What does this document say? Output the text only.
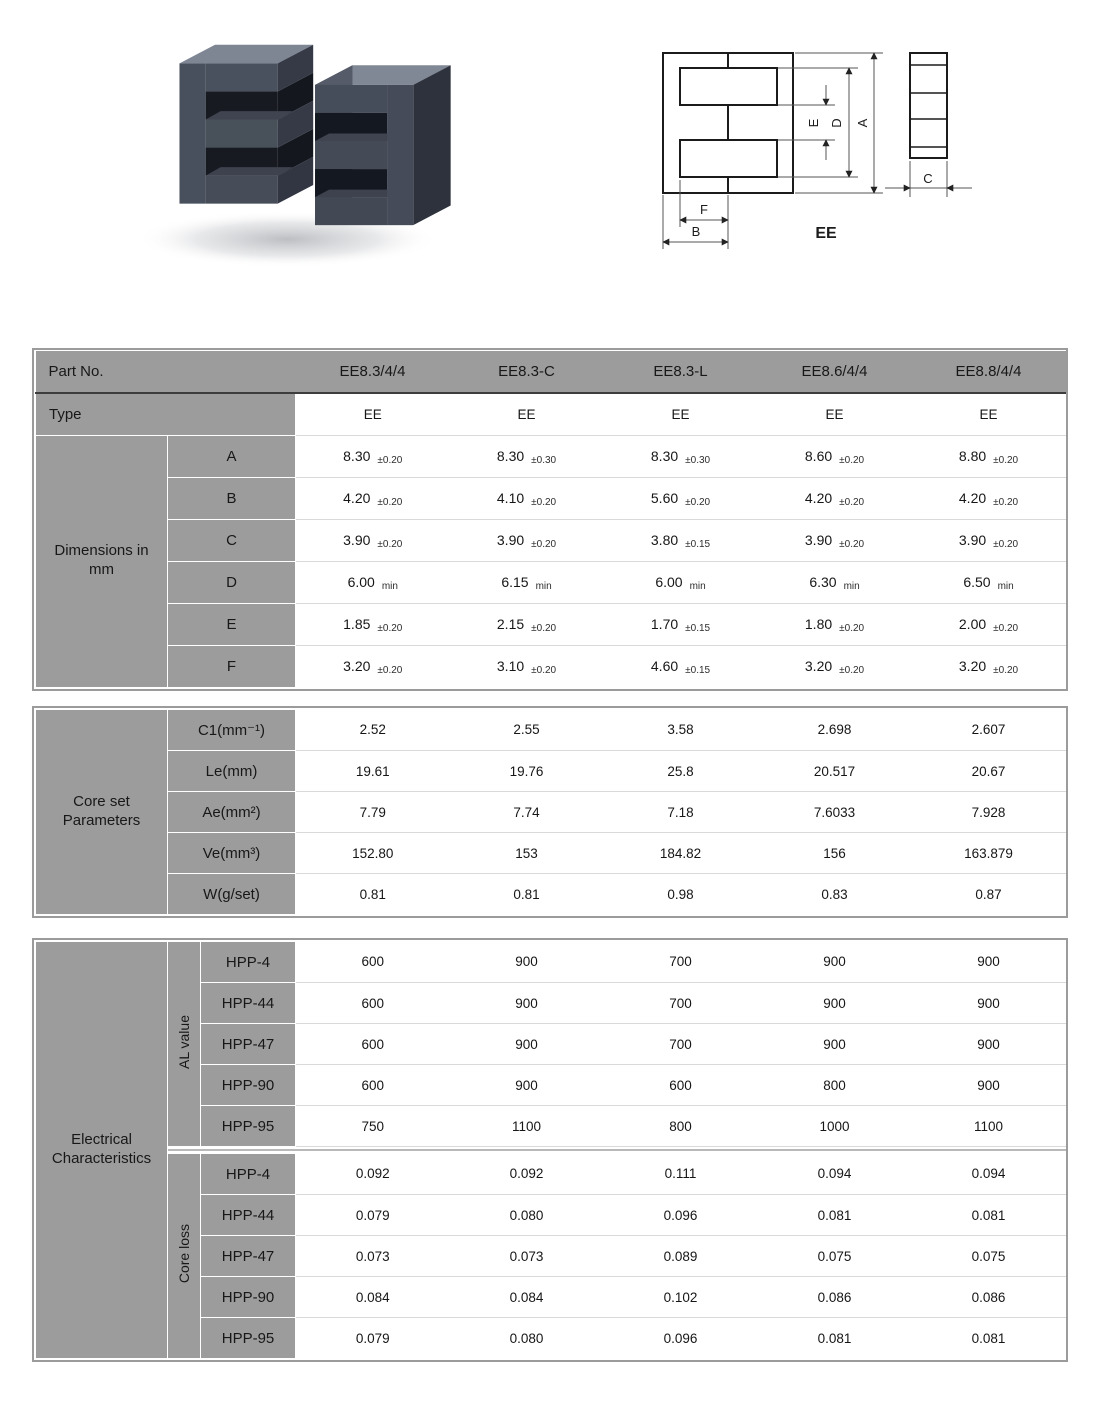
E D A
F
B
C
EE
Part No.		EE8.3/4/4	EE8.3-C	EE8.3-L	EE8.6/4/4	EE8.8/4/4
Type		EE	EE	EE	EE	EE

Dimensions in mm	A	8.30 ±0.20	8.30 ±0.30	8.30 ±0.30	8.60 ±0.20	8.80 ±0.20
	B	4.20 ±0.20	4.10 ±0.20	5.60 ±0.20	4.20 ±0.20	4.20 ±0.20
	C	3.90 ±0.20	3.90 ±0.20	3.80 ±0.15	3.90 ±0.20	3.90 ±0.20
	D	6.00 min	6.15 min	6.00 min	6.30 min	6.50 min
	E	1.85 ±0.20	2.15 ±0.20	1.70 ±0.15	1.80 ±0.20	2.00 ±0.20
	F	3.20 ±0.20	3.10 ±0.20	4.60 ±0.15	3.20 ±0.20	3.20 ±0.20
Core set Parameters	C1(mm⁻¹)	2.52	2.55	3.58	2.698	2.607
	Le(mm)	19.61	19.76	25.8	20.517	20.67
	Ae(mm²)	7.79	7.74	7.18	7.6033	7.928
	Ve(mm³)	152.80	153	184.82	156	163.879
	W(g/set)	0.81	0.81	0.98	0.83	0.87
Electrical Characteristics	AL value	HPP-4	600	900	700	900	900
		HPP-44	600	900	700	900	900
		HPP-47	600	900	700	900	900
		HPP-90	600	900	600	800	900
		HPP-95	750	1100	800	1000	1100

	Core loss	HPP-4	0.092	0.092	0.111	0.094	0.094
		HPP-44	0.079	0.080	0.096	0.081	0.081
		HPP-47	0.073	0.073	0.089	0.075	0.075
		HPP-90	0.084	0.084	0.102	0.086	0.086
		HPP-95	0.079	0.080	0.096	0.081	0.081
